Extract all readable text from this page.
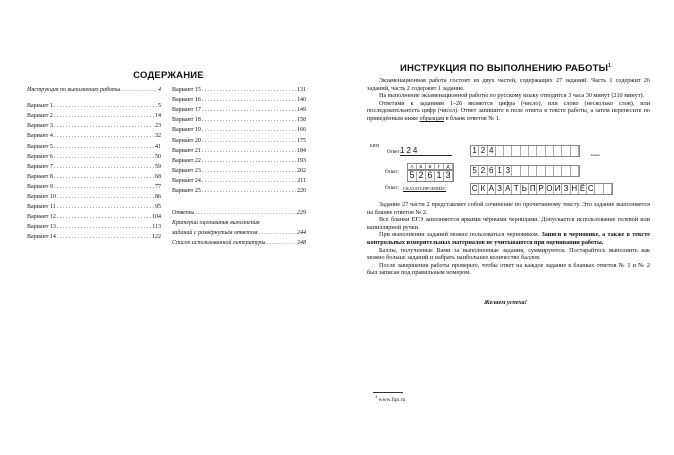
СОДЕРЖАНИЕ
Инструкция по выполнению работы . . .	4
Вариант 1 . . .	5
Вариант 2 . . .	14
Вариант 3 . . .	23
Вариант 4 . . .	32
Вариант 5 . . .	41
Вариант 6 . . .	50
Вариант 7 . . .	59
Вариант 8 . . .	68
Вариант 9 . . .	77
Вариант 10 . . .	86
Вариант 11 . . .	95
Вариант 12 . . .	104
Вариант 13 . . .	113
Вариант 14 . . .	122
Вариант 15 . . .	131
Вариант 16 . . .	140
Вариант 17 . . .	149
Вариант 18 . . .	158
Вариант 19 . . .	166
Вариант 20 . . .	175
Вариант 21 . . .	184
Вариант 22 . . .	193
Вариант 23 . . .	202
Вариант 24 . . .	211
Вариант 25 . . .	220
Ответы . . .	229
Критерии оценивания выполнения
заданий с развёрнутым ответом . . .	244
Список использованной литературы . . .	248
ИНСТРУКЦИЯ ПО ВЫПОЛНЕНИЮ РАБОТЫ$^1$

Экзаменационная работа состоит из двух частей, содержащих 27 заданий. Часть 1 содержит 26 заданий, часть 2 содержит 1 задание.

На выполнение экзаменационной работы по русскому языку отводится 3 часа 30 минут (210 минут).

Ответами к заданиям 1–26 являются цифра (число), или слово (несколько слов), или последовательность цифр (чисел). Ответ запишите в поле ответа в тексте работы, а затем перенесите по приведённым ниже образцам в бланк ответов № 1.

КИМ
Ответ: 124	1 2 4	Бланк
Ответ:
А	Б	В	Г	Д
5 2 6 1 3	5 2 6 1 3
Ответ: СКАЗАТЬПРОИЗНЁС	С К А З А Т Ь П Р О И З Н Ё С

Задание 27 части 2 представляет собой сочинение по прочитанному тексту. Это задание выполняется на бланке ответов № 2.

Все бланки ЕГЭ заполняются яркими чёрными чернилами. Допускается использование гелевой или капиллярной ручки.

При выполнении заданий можно пользоваться черновиком. Записи в черновике, а также в тексте контрольных измерительных материалов не учитываются при оценивании работы.

Баллы, полученные Вами за выполненные задания, суммируются. Постарайтесь выполнить как можно больше заданий и набрать наибольшее количество баллов.

После завершения работы проверьте, чтобы ответ на каждое задание в бланках ответов № 1 и № 2 был записан под правильным номером.

Желаем успеха!
$^1$ www.fipi.ru
